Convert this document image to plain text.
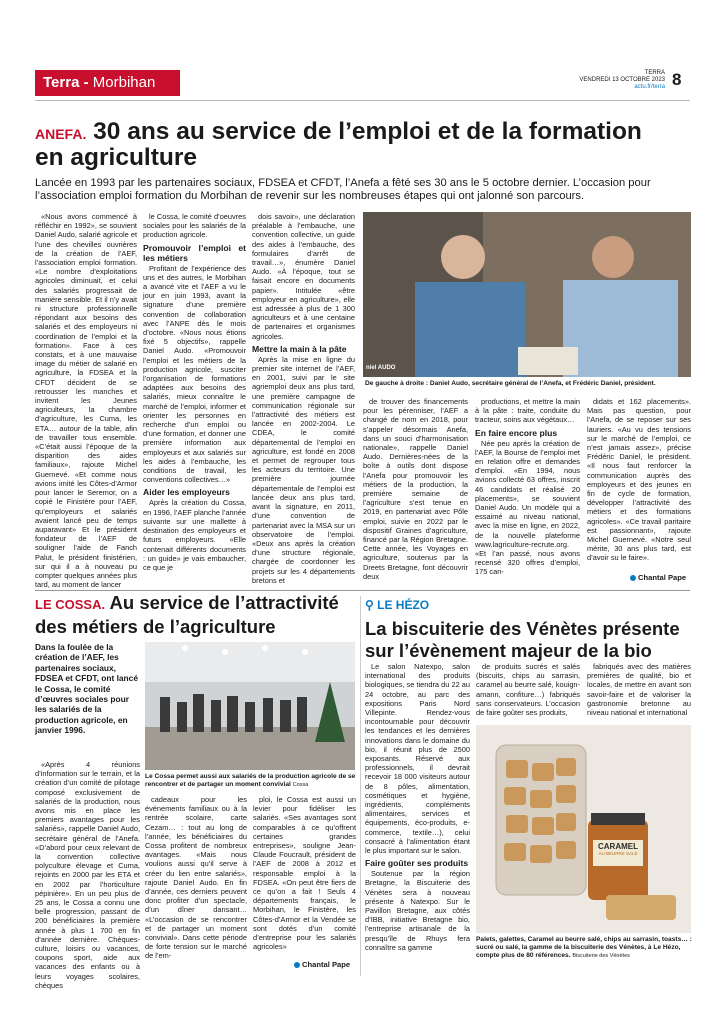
Terra - Morbihan
TERRA
VENDREDI 13 OCTOBRE 2023
actu.fr/terra 8
ANEFA. 30 ans au service de l’emploi et de la formation
en agriculture
Lancée en 1993 par les partenaires sociaux, FDSEA et CFDT, l’Anefa a fêté ses 30 ans le 5 octobre dernier. L’occasion pour l’association emploi formation du Morbihan de revenir sur les nombreuses étapes qui ont jalonné son parcours.

«Nous avons commencé à réfléchir en 1992», se souvient Daniel Audo, salarié agricole et l’une des chevilles ouvrières de la création de l’AEF, l’association emploi formation. «Le nombre d’exploitations agricoles diminuait, et celui des salariés progressait de manière sensible. Et il n’y avait ni structure professionnelle répondant aux besoins des salariés et des employeurs ni coordination de l’emploi et la formation». Face à ces constats, et à une mauvaise image du métier de salarié en agriculture, la FDSEA et la CFDT décident de se retrousser les manches et invitent les Jeunes agriculteurs, la chambre d’agriculture, les Cuma, les ETA… autour de la table, afin de travailler tous ensemble. «C’était aussi l’époque de la disparition des aides familiaux», rajoute Michel Guernevé. «Et comme nous avions imité les Côtes-d’Armor pour lancer le Seremor, on a copié le Finistère pour l’AEF, qu’employeurs et salariés avaient lancé peu de temps auparavant» Et le président fondateur de l’AEF de souligner l’aide de Fanch Palut, le président finistérien, sur qui il a à nouveau pu compter quelques années plus tard, au moment de lancer

le Cossa, le comité d’oeuvres sociales pour les salariés de la production agricole.

Promouvoir l’emploi et les métiers

Profitant de l’expérience des uns et des autres, le Morbihan a avancé vite et l’AEF a vu le jour en juin 1993, avant la signature d’une première convention de collaboration avec l’ANPE dès le mois d’octobre. «Nous nous étions fixé 5 objectifs», rappelle Daniel Audo. «Promouvoir l’emploi et les métiers de la production agricole, susciter l’organisation de formations adaptées aux besoins des salariés, mieux connaître le marché de l’emploi, informer et orienter les personnes en recherche d’un emploi ou d’une formation, et donner une première information aux employeurs et aux salariés sur les aides à l’embauche, les conditions de travail, les conventions collectives…»

Aider les employeurs

Après la création du Cossa, en 1996, l’AEF planche l’année suivante sur une mallette à destination des employeurs et futurs employeurs. «Elle contenait différents documents : un guide» je vais embaucher, ce que je

dois savoir», une déclaration préalable à l’embauche, une convention collective, un guide des aides à l’embauche, des formulaires d’arrêt de travail…», énumère Daniel Audo. «À l’époque, tout se faisait encore en documents papier». Intitulée «être employeur en agriculture», elle est adressée à plus de 1 300 agriculteurs et à une centaine de partenaires et organismes agricoles.

Mettre la main à la pâte

Après la mise en ligne du premier site internet de l’AEF, en 2001, suivi par le site agriemploi deux ans plus tard, une première campagne de communication régionale sur l’attractivité des métiers est lancée en 2002-2004. Le CDEA, le comité départemental de l’emploi en agriculture, est fondé en 2008 et permet de regrouper tous les acteurs du territoire. Une première journée départementale de l’emploi est lancée deux ans plus tard, avant la signature, en 2011, d’une convention de partenariat avec la MSA sur un observatoire de l’emploi. «Deux ans après la création d’une structure régionale, chargée de coordonner les projets sur les 4 départements bretons et

niel AUDO
De gauche à droite : Daniel Audo, secrétaire général de l’Anefa, et Frédéric Daniel, président.

de trouver des financements pour les pérenniser, l’AEF a changé de nom en 2018, pour s’appeler désormais Anefa, dans un souci d’harmonisation nationale», rappelle Daniel Audo. Dernières-nées de la boîte à outils dont dispose l’Anefa pour promouvoir les métiers de la production, la première semaine de l’agriculture s’est tenue en 2019, en partenariat avec Pôle emploi, suivie en 2022 par le dispositif Graines d’agriculture, financé par la Région Bretagne. Cette année, les Voyages en agriculture, soutenus par la Dreets Bretagne, font découvrir deux

productions, et mettre la main à la pâte : traite, conduite du tracteur, soins aux végétaux…

En faire encore plus

Née peu après la création de l’AEF, la Bourse de l’emploi met en relation offre et demandes d’emploi. «En 1994, nous avions collecté 63 offres, inscrit 46 candidats et réalisé 20 placements», se souvient Daniel Audo. Un modèle qui a essaimé au niveau national, avec la mise en ligne, en 2022, de la nouvelle plateforme www.lagriculture-recrute.org. «Et l’an passé, nous avons recensé 320 offres d’emploi, 175 can-

didats et 162 placements». Mais pas question, pour l’Anefa, de se reposer sur ses lauriers. «Au vu des tensions sur le marché de l’emploi, ce n’est jamais assez», précise Frédéric Daniel, le président. «Il nous faut renforcer la communication auprès des employeurs et des jeunes en fin de cycle de formation, développer l’attractivité des métiers et des formations agricoles». «Ce travail paritaire est passionnant», rajoute Michel Guernevé. «Notre seul mérite, 30 ans plus tard, est d’avoir su le faire».

Chantal Pape
LE COSSA. Au service de l’attractivité
des métiers de l’agriculture
Dans la foulée de la création de l’AEF, les partenaires sociaux, FDSEA et CFDT, ont lancé le Cossa, le comité d’œuvres sociales pour les salariés de la production agricole, en janvier 1996.

«Après 4 réunions d’information sur le terrain, et la création d’un comité de pilotage composé exclusivement de salariés de la production, nous avons mis en place les premiers avantages pour les salariés», rappelle Daniel Audo, secrétaire général de l’Anefa. «D’abord pour ceux relevant de la convention collective polyculture élevage et Cuma, rejoints en 2000 par les ETA et en 2002 par l’horticulture pépinière». En un peu plus de 25 ans, le Cossa a connu une belle progression, passant de 200 bénéficiaires la première année à plus 1 700 en fin d’année dernière. Chèques-culture, loisirs ou vacances, coupons sport, aide aux vacances des enfants ou à leurs voyages scolaires, chèques

Le Cossa permet aussi aux salariés de la production agricole de se rencontrer et de partager un moment convivial Cossa

cadeaux pour les événements familiaux ou à la rentrée scolaire, carte Cezam… : tout au long de l’année, les bénéficiaires du Cossa profitent de nombreux avantages. «Mais nous voulions aussi qu’il serve à créer du lien entre salariés», rajoute Daniel Audo. En fin d’année, ces derniers peuvent donc profiter d’un spectacle, d’un dîner dansant… «L’occasion de se rencontrer et de partager un moment convivial». Dans cette période de forte tension sur le marché de l’em-

ploi, le Cossa est aussi un levier pour fidéliser les salariés. «Ses avantages sont comparables à ce qu’offrent certaines grandes entreprises», souligne Jean-Claude Foucrault, président de l’AEF de 2008 à 2012 et responsable emploi à la FDSEA. «On peut être fiers de ce qu’on a fait ! Seuls 4 départements français, le Morbihan, le Finistère, les Côtes-d’Armor et la Vendée se sont dotés d’un comité d’entreprise pour les salariés agricoles»

Chantal Pape
⚲ LE HÉZO
La biscuiterie des Vénètes présente
sur l’évènement majeur de la bio

Le salon Natexpo, salon international des produits biologiques, se tiendra du 22 au 24 octobre, au parc des expositions Paris Nord Villepinte. Rendez-vous incontournable pour découvrir les tendances et les dernières innovations dans le domaine du bio, il réunit plus de 2500 exposants. Réservé aux professionnels, il devrait recevoir 18 000 visiteurs autour de 8 pôles, alimentation, cosmétiques et hygiène, ingrédients, compléments alimentaires, services et équipements, éco-produits, e-commerce, textile…), celui consacré à l’alimentation étant le plus important sur le salon.

Faire goûter ses produits

Soutenue par la région Bretagne, la Biscuiterie des Vénètes sera à nouveau présente à Natexpo. Sur le Pavillon Bretagne, aux côtés d’IBB, initiative Bretagne bio, l’entreprise artisanale de la presqu’île de Rhuys fera connaître sa gamme

de produits sucrés et salés (biscuits, chips au sarrasin, caramel au beurre salé, kouign-amann, confiture…) fabriqués sans conservateurs. L’occasion de faire goûter ses produits,

fabriqués avec des matières premières de qualité, bio et locales, de mettre en avant son savoir-faire et de valoriser la gastronomie bretonne au niveau national et international

CARAMEL
AU BEURRE SALÉ
Palets, galettes, Caramel au beurre salé, chips au sarrasin, toasts… : sucré ou salé, la gamme de la biscuiterie des Vénètes, à Le Hézo, compte plus de 80 références. Biscuiterie des Vénètes
